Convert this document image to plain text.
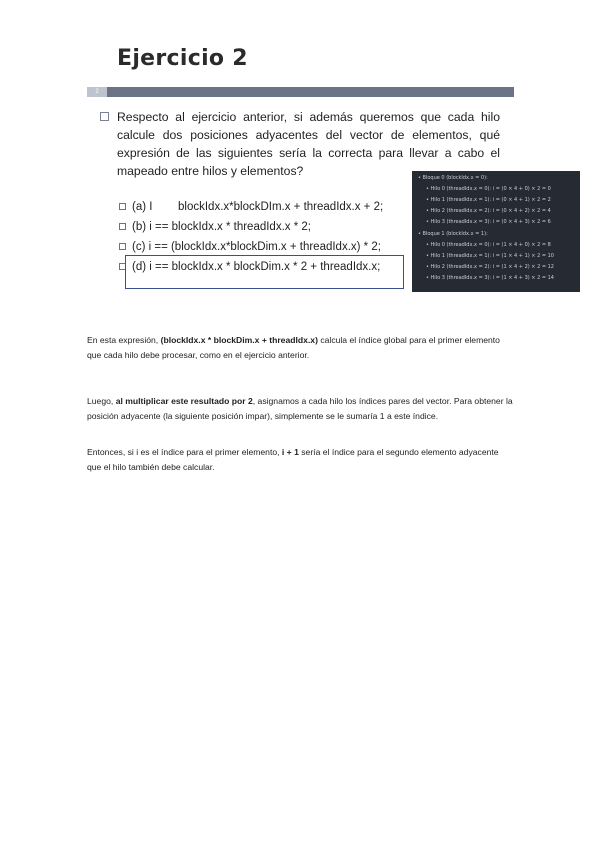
Ejercicio 2
2
Respecto al ejercicio anterior, si además queremos que cada hilo calcule dos posiciones adyacentes del vector de elementos, qué expresión de las siguientes sería la correcta para llevar a cabo el mapeado entre hilos y elementos?
(a) I        blockIdx.x*blockDIm.x + threadIdx.x + 2;
(b) i == blockIdx.x * threadIdx.x * 2;
(c) i == (blockIdx.x*blockDim.x + threadIdx.x) * 2;
(d) i == blockIdx.x * blockDim.x * 2 + threadIdx.x;
• Bloque 0 (blockIdx.x = 0):
• Hilo 0 (threadIdx.x = 0): i = (0 × 4 + 0) × 2 = 0
• Hilo 1 (threadIdx.x = 1): i = (0 × 4 + 1) × 2 = 2
• Hilo 2 (threadIdx.x = 2): i = (0 × 4 + 2) × 2 = 4
• Hilo 3 (threadIdx.x = 3): i = (0 × 4 + 3) × 2 = 6
• Bloque 1 (blockIdx.x = 1):
• Hilo 0 (threadIdx.x = 0): i = (1 × 4 + 0) × 2 = 8
• Hilo 1 (threadIdx.x = 1): i = (1 × 4 + 1) × 2 = 10
• Hilo 2 (threadIdx.x = 2): i = (1 × 4 + 2) × 2 = 12
• Hilo 3 (threadIdx.x = 3): i = (1 × 4 + 3) × 2 = 14
En esta expresión, (blockIdx.x * blockDim.x + threadIdx.x) calcula el índice global para el primer elemento que cada hilo debe procesar, como en el ejercicio anterior.
Luego, al multiplicar este resultado por 2, asignamos a cada hilo los índices pares del vector. Para obtener la posición adyacente (la siguiente posición impar), simplemente se le sumaría 1 a este índice.
Entonces, si i es el índice para el primer elemento, i + 1 sería el índice para el segundo elemento adyacente que el hilo también debe calcular.
